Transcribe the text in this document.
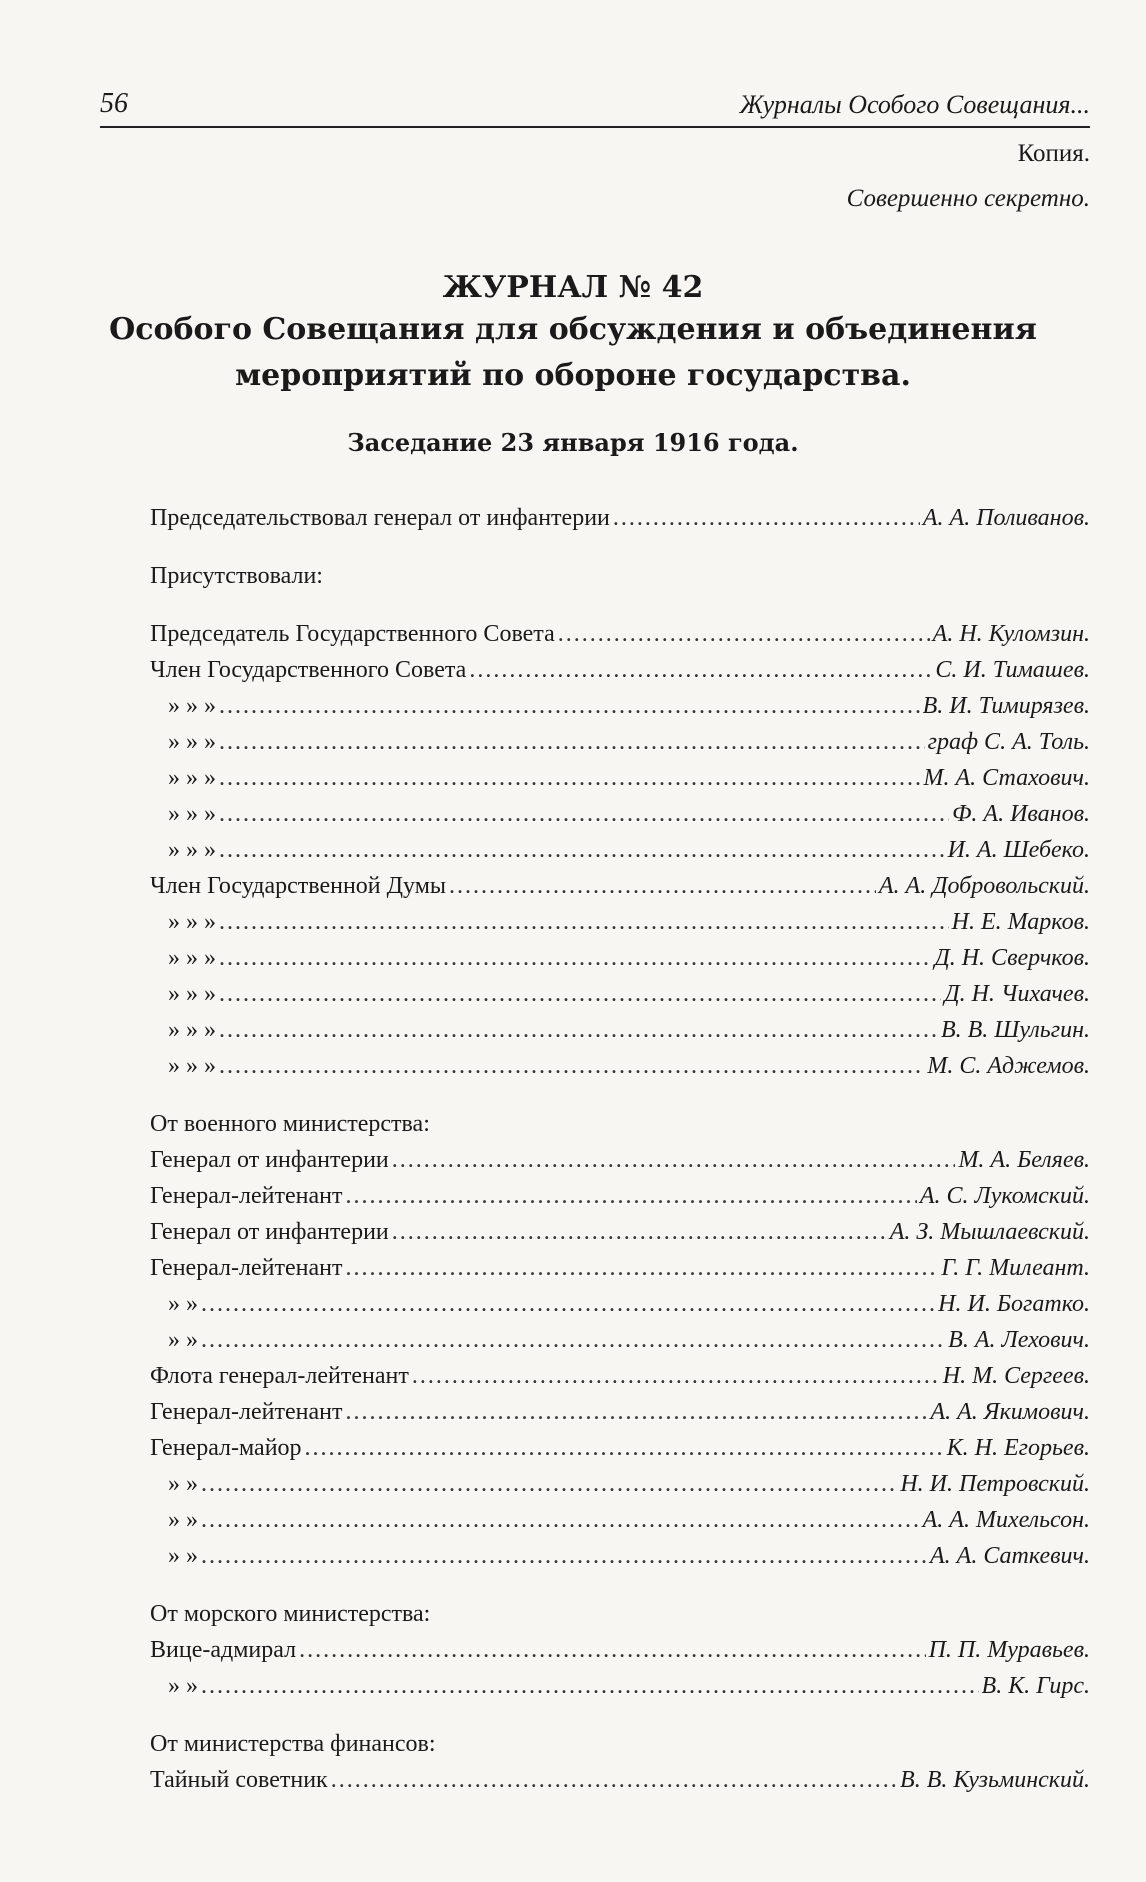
56	Журналы Особого Совещания...
Копия.
Совершенно секретно.
ЖУРНАЛ № 42
Особого Совещания для обсуждения и объединения
мероприятий по обороне государства.
Заседание 23 января 1916 года.
Председательствовал генерал от инфантерии . . .	А. А. Поливанов.
Присутствовали:
Председатель Государственного Совета . . .	А. Н. Куломзин.
Член Государственного Совета . . .	С. И. Тимашев.
» » » . . .	В. И. Тимирязев.
» » » . . .	граф С. А. Толь.
» » » . . .	М. А. Стахович.
» » » . . .	Ф. А. Иванов.
» » » . . .	И. А. Шебеко.
Член Государственной Думы . . .	А. А. Добровольский.
» » » . . .	Н. Е. Марков.
» » » . . .	Д. Н. Сверчков.
» » » . . .	Д. Н. Чихачев.
» » » . . .	В. В. Шульгин.
» » » . . .	М. С. Аджемов.
От военного министерства:
Генерал от инфантерии . . .	М. А. Беляев.
Генерал-лейтенант . . .	А. С. Лукомский.
Генерал от инфантерии . . .	А. З. Мышлаевский.
Генерал-лейтенант . . .	Г. Г. Милеант.
» » . . .	Н. И. Богатко.
» » . . .	В. А. Лехович.
Флота генерал-лейтенант . . .	Н. М. Сергеев.
Генерал-лейтенант . . .	А. А. Якимович.
Генерал-майор . . .	К. Н. Егорьев.
» » . . .	Н. И. Петровский.
» » . . .	А. А. Михельсон.
» » . . .	А. А. Саткевич.
От морского министерства:
Вице-адмирал . . .	П. П. Муравьев.
» » . . .	В. К. Гирс.
От министерства финансов:
Тайный советник . . .	В. В. Кузьминский.
